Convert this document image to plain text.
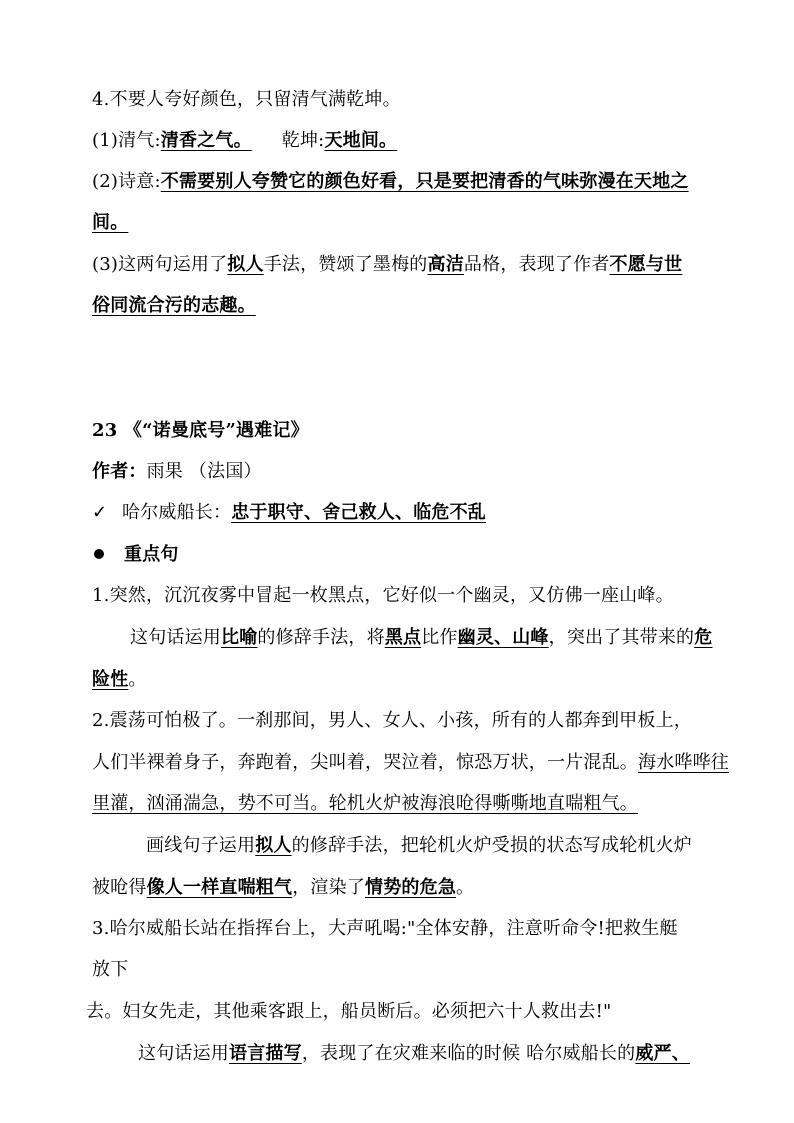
4.不要人夸好颜色，只留清气满乾坤。
(1)清气:清香之气。 乾坤:天地间。
(2)诗意:不需要别人夸赞它的颜色好看，只是要把清香的气味弥漫在天地之
间。
(3)这两句运用了拟人手法，赞颂了墨梅的高洁品格，表现了作者不愿与世
俗同流合污的志趣。
23 《“诺曼底号”遇难记》
作者：雨果 （法国）
✓ 哈尔威船长：忠于职守、舍己救人、临危不乱
重点句
1.突然，沉沉夜雾中冒起一枚黑点，它好似一个幽灵，又仿佛一座山峰。
这句话运用比喻的修辞手法，将黑点比作幽灵、山峰，突出了其带来的危
险性。
2.震荡可怕极了。一刹那间，男人、女人、小孩，所有的人都奔到甲板上，
人们半裸着身子，奔跑着，尖叫着，哭泣着，惊恐万状，一片混乱。海水哗哗往
里灌，汹涌湍急，势不可当。轮机火炉被海浪呛得嘶嘶地直喘粗气。
画线句子运用拟人的修辞手法，把轮机火炉受损的状态写成轮机火炉
被呛得像人一样直喘粗气，渲染了情势的危急。
3.哈尔威船长站在指挥台上，大声吼喝:"全体安静，注意听命令!把救生艇
放下
去。妇女先走，其他乘客跟上，船员断后。必须把六十人救出去!"
这句话运用语言描写，表现了在灾难来临的时候 哈尔威船长的威严、
